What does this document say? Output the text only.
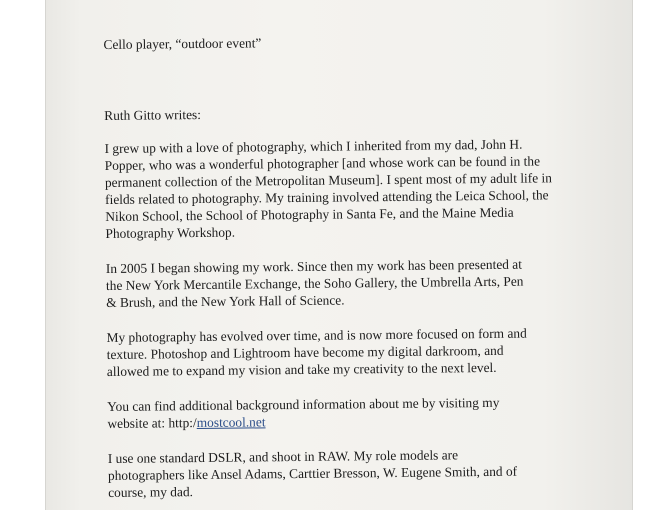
Cello player, “outdoor event”
Ruth Gitto writes:
I grew up with a love of photography, which I inherited from my dad, John H.
Popper, who was a wonderful photographer [and whose work can be found in the
permanent collection of the Metropolitan Museum]. I spent most of my adult life in
fields related to photography. My training involved attending the Leica School, the
Nikon School, the School of Photography in Santa Fe, and the Maine Media
Photography Workshop.
In 2005 I began showing my work. Since then my work has been presented at
the New York Mercantile Exchange, the Soho Gallery, the Umbrella Arts, Pen
& Brush, and the New York Hall of Science.
My photography has evolved over time, and is now more focused on form and
texture. Photoshop and Lightroom have become my digital darkroom, and
allowed me to expand my vision and take my creativity to the next level.
You can find additional background information about me by visiting my
website at: http:/mostcool.net
I use one standard DSLR, and shoot in RAW. My role models are
photographers like Ansel Adams, Carttier Bresson, W. Eugene Smith, and of
course, my dad.
